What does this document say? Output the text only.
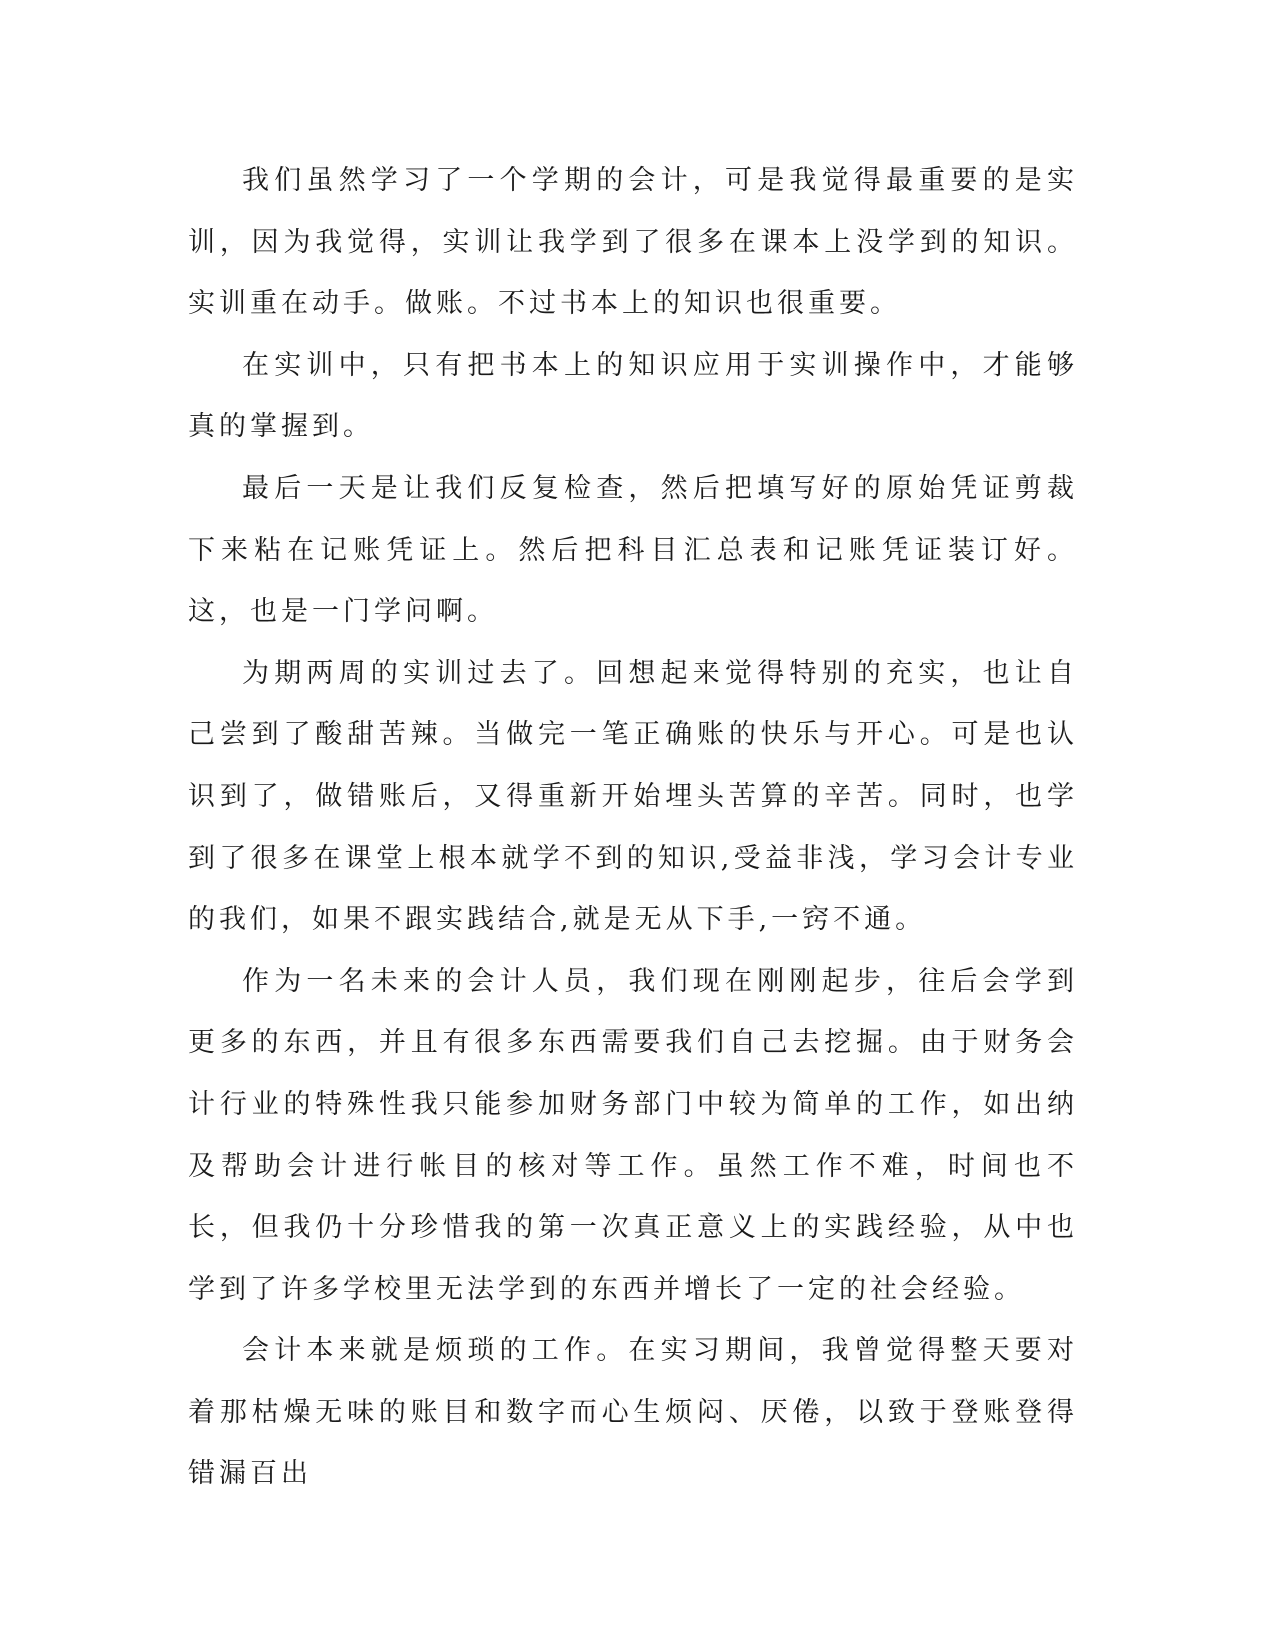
我们虽然学习了一个学期的会计，可是我觉得最重要的是实训，因为我觉得，实训让我学到了很多在课本上没学到的知识。实训重在动手。做账。不过书本上的知识也很重要。

在实训中，只有把书本上的知识应用于实训操作中，才能够真的掌握到。

最后一天是让我们反复检查，然后把填写好的原始凭证剪裁下来粘在记账凭证上。然后把科目汇总表和记账凭证装订好。这，也是一门学问啊。

为期两周的实训过去了。回想起来觉得特别的充实，也让自己尝到了酸甜苦辣。当做完一笔正确账的快乐与开心。可是也认识到了，做错账后，又得重新开始埋头苦算的辛苦。同时，也学到了很多在课堂上根本就学不到的知识,受益非浅，学习会计专业的我们，如果不跟实践结合,就是无从下手,一窍不通。

作为一名未来的会计人员，我们现在刚刚起步，往后会学到更多的东西，并且有很多东西需要我们自己去挖掘。由于财务会计行业的特殊性我只能参加财务部门中较为简单的工作，如出纳及帮助会计进行帐目的核对等工作。虽然工作不难，时间也不长，但我仍十分珍惜我的第一次真正意义上的实践经验，从中也学到了许多学校里无法学到的东西并增长了一定的社会经验。

会计本来就是烦琐的工作。在实习期间，我曾觉得整天要对着那枯燥无味的账目和数字而心生烦闷、厌倦，以致于登账登得错漏百出
